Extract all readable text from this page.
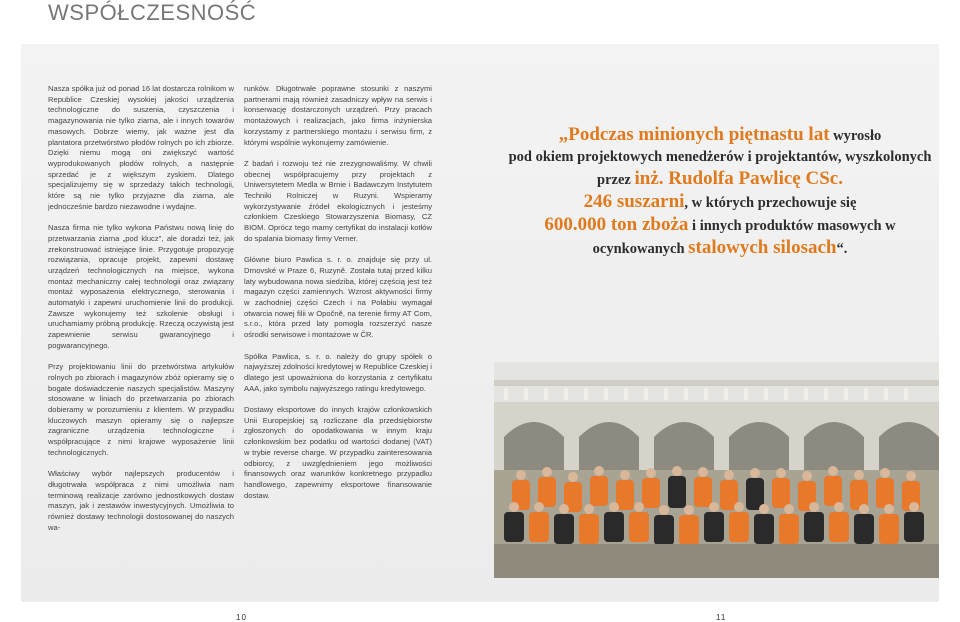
WSPÓŁCZESNOŚĆ

Nasza spółka już od ponad 16 lat dostarcza rolnikom w Republice Czeskiej wysokiej jakości urządzenia technologiczne do suszenia, czyszczenia i magazynowania nie tylko ziarna, ale i innych towarów masowych. Dobrze wiemy, jak ważne jest dla plantatora przetwórstwo płodów rolnych po ich zbiorze. Dzięki niemu mogą oni zwiększyć wartość wyprodukowanych płodów rolnych, a następnie sprzedać je z większym zyskiem. Dlatego specjalizujemy się w sprzedaży takich technologii, które są nie tylko przyjazne dla ziarna, ale jednocześnie bardzo niezawodne i wydajne.

Nasza firma nie tylko wykona Państwu nową linię do przetwarzania ziarna „pod klucz", ale doradzi też, jak zrekonstruować istniejące linie. Przygotuje propozycję rozwiązania, opracuje projekt, zapewni dostawę urządzeń technologicznych na miejsce, wykona montaż mechaniczny całej technologii oraz związany montaż wyposażenia elektrycznego, sterowania i automatyki i zapewni uruchomienie linii do produkcji. Zawsze wykonujemy też szkolenie obsługi i uruchamiamy próbną produkcję. Rzeczą oczywistą jest zapewnienie serwisu gwarancyjnego i pogwarancyjnego.

Przy projektowaniu linii do przetwórstwa artykułów rolnych po zbiorach i magazynów zbóż opieramy się o bogate doświadczenie naszych specjalistów. Maszyny stosowane w liniach do przetwarzania po zbiorach dobieramy w porozumieniu z klientem. W przypadku kluczowych maszyn opieramy się o najlepsze zagraniczne urządzenia technologiczne i współpracujące z nimi krajowe wyposażenie linii technologicznych.

Właściwy wybór najlepszych producentów i długotrwała współpraca z nimi umożliwia nam terminową realizacje zarówno jednostkowych dostaw maszyn, jak i zestawów inwestycyjnych. Umożliwia to również dostawy technologii dostosowanej do naszych wa-

runków. Długotrwałe poprawne stosunki z naszymi partnerami mają również zasadniczy wpływ na serwis i konserwację dostarczonych urządzeń. Przy pracach montażowych i realizacjach, jako firma inżynierska korzystamy z partnerskiego montażu i serwisu firm, z którymi wspólnie wykonujemy zamówienie.

Z badań i rozwoju też nie zrezygnowaliśmy. W chwili obecnej współpracujemy przy projektach z Uniwersytetem Medla w Brnie i Badawczym Instytutem Techniki Rolniczej w Ruzyni. Wspieramy wykorzystywanie źródeł ekologicznych i jesteśmy członkiem Czeskiego Stowarzyszenia Biomasy, CZ BIOM. Oprócz tego mamy certyfikat do instalacji kotłów do spalania biomasy firmy Verner.

Główne biuro Pawlica s. r. o. znajduje się przy ul. Drnovské w Praze 6, Ruzyně. Została tutaj przed kilku laty wybudowana nowa siedziba, której częścią jest też magazyn części zamiennych. Wzrost aktywności firmy w zachodniej części Czech i na Połabiu wymagał otwarcia nowej filii w Opočně, na terenie firmy AT Com, s.r.o., która przed laty pomogła rozszerzyć nasze ośrodki serwisowe i montażowe w ČR.

Spółka Pawlica, s. r. o. należy do grupy spółek o najwyższej zdolności kredytowej w Republice Czeskiej i dlatego jest upoważniona do korzystania z certyfikatu AAA, jako symbolu najwyższego ratingu kredytowego.

Dostawy eksportowe do innych krajów członkowskich Unii Europejskiej są rozliczane dla przedsiębiorstw zgłoszonych do opodatkowania w innym kraju członkowskim bez podatku od wartości dodanej (VAT) w trybie reverse charge. W przypadku zainteresowania odbiorcy, z uwzględnieniem jego możliwości finansowych oraz warunków konkretnego przypadku handlowego, zapewnimy eksportowe finansowanie dostaw.

„Podczas minionych piętnastu lat wyrosło
pod okiem projektowych menedżerów i projektantów, wyszkolonych przez inż. Rudolfa Pawlicę CSc.
246 suszarni, w których przechowuje się
600.000 ton zboża i innych produktów masowych w ocynkowanych stalowych silosach“.
10	11
